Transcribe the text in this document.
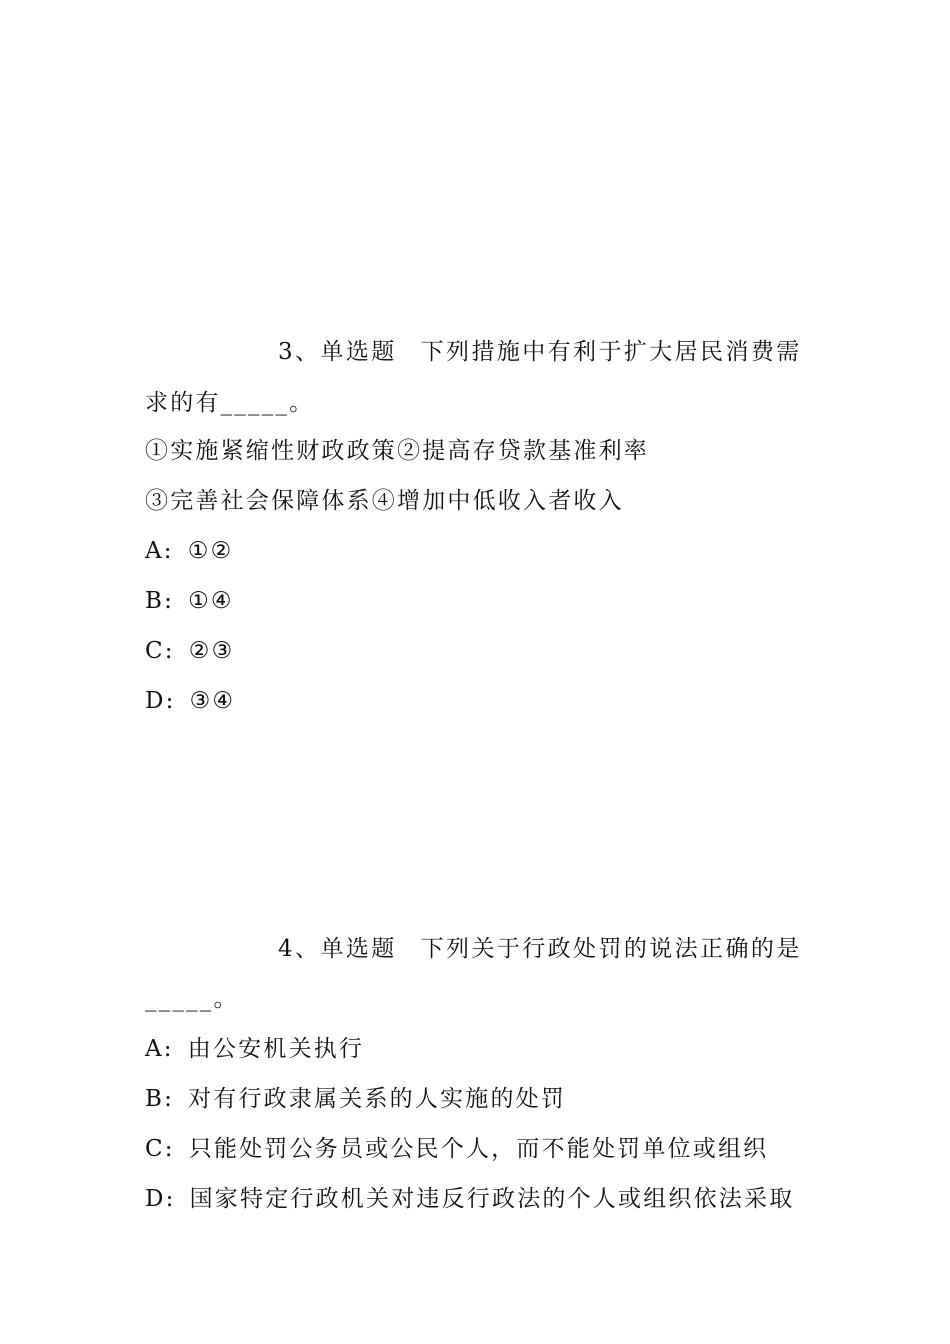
3、单选题 下列措施中有利于扩大居民消费需
求的有_____。
①实施紧缩性财政政策②提高存贷款基准利率
③完善社会保障体系④增加中低收入者收入
A: ①②
B: ①④
C: ②③
D: ③④
4、单选题 下列关于行政处罚的说法正确的是
_____。
A: 由公安机关执行
B: 对有行政隶属关系的人实施的处罚
C: 只能处罚公务员或公民个人，而不能处罚单位或组织
D: 国家特定行政机关对违反行政法的个人或组织依法采取
